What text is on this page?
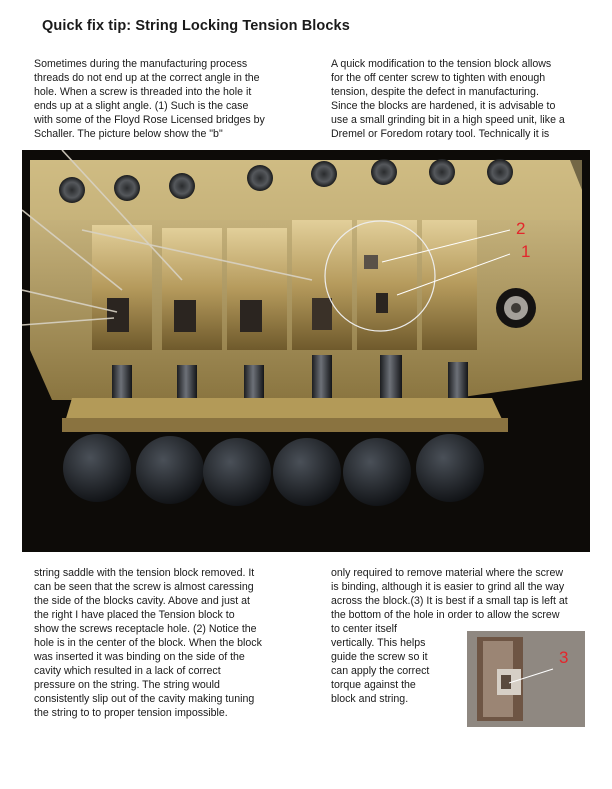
Quick fix tip: String Locking Tension Blocks
Sometimes during the manufacturing process
threads do not end up at the correct angle in the
hole. When a screw is threaded into the hole it
ends up at a slight angle. (1) Such is the case
with some of the Floyd Rose Licensed bridges by
Schaller. The picture below show the "b"
A quick modification to the tension block allows
for the off center screw to tighten with enough
tension, despite the defect in manufacturing.
Since the blocks are hardened, it is advisable to
use a small grinding bit in a high speed unit, like a
Dremel or Foredom rotary tool. Technically it is
2
1
string saddle with the tension block removed. It
can be seen that the screw is almost caressing
the side of the blocks cavity. Above and just at
the right I have placed the Tension block to
show the screws receptacle hole. (2) Notice the
hole is in the center of the block. When the block
was inserted it was binding on the side of the
cavity which resulted in a lack of correct
pressure on the string. The string would
consistently slip out of the cavity making tuning
the string to to proper tension impossible.
only required to remove material where the screw
is binding, although it is easier to grind all the way
across the block.(3) It is best if a small tap is left at
the bottom of the hole in order to allow the screw
to center itself
vertically. This helps
guide the screw so it
can apply the correct
torque against the
block and string.
3
